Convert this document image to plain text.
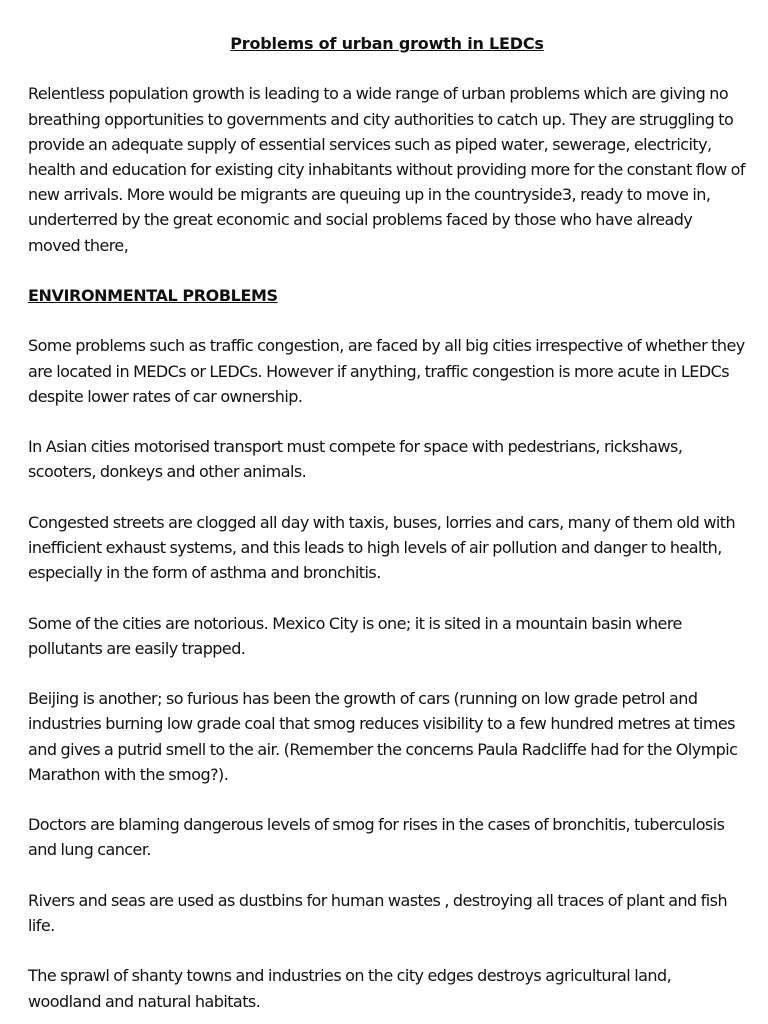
Problems of urban growth in LEDCs

Relentless population growth is leading to a wide range of urban problems which are giving no breathing opportunities to governments and city authorities to catch up. They are struggling to provide an adequate supply of essential services such as piped water, sewerage, electricity, health and education for existing city inhabitants without providing more for the constant flow of new arrivals. More would be migrants are queuing up in the countryside3, ready to move in, underterred by the great economic and social problems faced by those who have already moved there,

ENVIRONMENTAL PROBLEMS

Some problems such as traffic congestion, are faced by all big cities irrespective of whether they are located in MEDCs or LEDCs. However if anything, traffic congestion is more acute in LEDCs despite lower rates of car ownership.

In Asian cities motorised transport must compete for space with pedestrians, rickshaws, scooters, donkeys and other animals.

Congested streets are clogged all day with taxis, buses, lorries and cars, many of them old with inefficient exhaust systems, and this leads to high levels of air pollution and danger to health, especially in the form of asthma and bronchitis.

Some of the cities are notorious. Mexico City is one; it is sited in a mountain basin where pollutants are easily trapped.

Beijing is another; so furious has been the growth of cars (running on low grade petrol and industries burning low grade coal that smog reduces visibility to a few hundred metres at times and gives a putrid smell to the air. (Remember the concerns Paula Radcliffe had for the Olympic Marathon with the smog?).

Doctors are blaming dangerous levels of smog for rises in the cases of bronchitis, tuberculosis and lung cancer.

Rivers and seas are used as dustbins for human wastes , destroying all traces of plant and fish life.

The sprawl of shanty towns and industries on the city edges destroys agricultural land, woodland and natural habitats.
